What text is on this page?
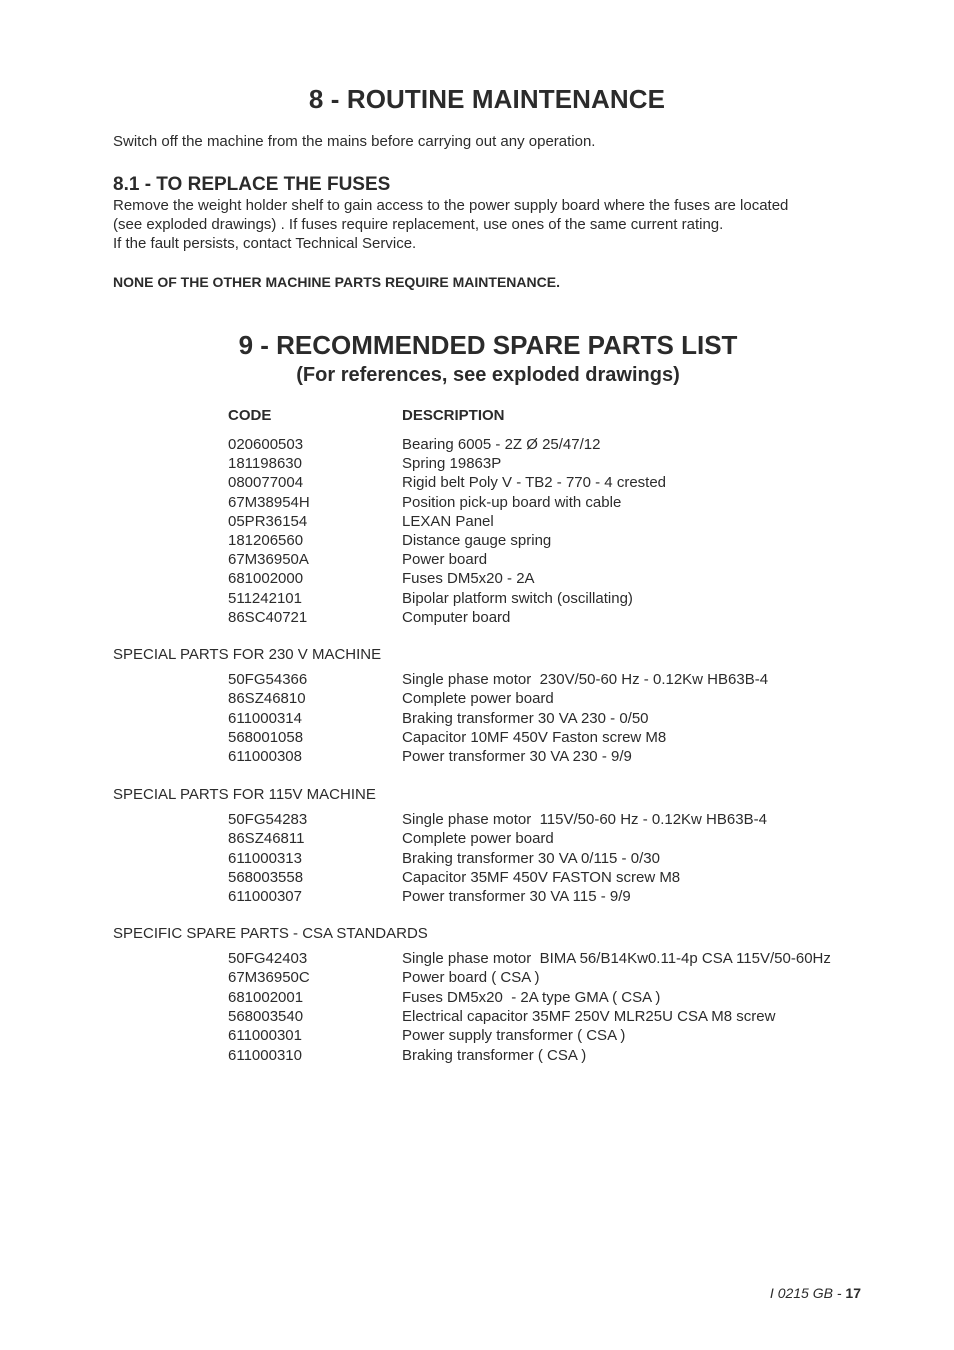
8 - ROUTINE MAINTENANCE
Switch off the machine from the mains before carrying out any operation.
8.1 - TO REPLACE THE FUSES
Remove the weight holder shelf to gain access to the power supply board where the fuses are located
(see exploded drawings) . If fuses require replacement, use ones of the same current rating.
If the fault persists, contact Technical Service.
NONE OF THE OTHER MACHINE PARTS REQUIRE MAINTENANCE.
9 - RECOMMENDED SPARE PARTS LIST
(For references, see exploded drawings)
CODE	DESCRIPTION
020600503	Bearing 6005 - 2Z Ø 25/47/12
181198630	Spring 19863P
080077004	Rigid belt Poly V - TB2 - 770 - 4 crested
67M38954H	Position pick-up board with cable
05PR36154	LEXAN Panel
181206560	Distance gauge spring
67M36950A	Power board
681002000	Fuses DM5x20 - 2A
511242101	Bipolar platform switch (oscillating)
86SC40721	Computer board
SPECIAL PARTS FOR 230 V MACHINE
50FG54366	Single phase motor  230V/50-60 Hz - 0.12Kw HB63B-4
86SZ46810	Complete power board
611000314	Braking transformer 30 VA 230 - 0/50
568001058	Capacitor 10MF 450V Faston screw M8
611000308	Power transformer 30 VA 230 - 9/9
SPECIAL PARTS FOR 115V MACHINE
50FG54283	Single phase motor  115V/50-60 Hz - 0.12Kw HB63B-4
86SZ46811	Complete power board
611000313	Braking transformer 30 VA 0/115 - 0/30
568003558	Capacitor 35MF 450V FASTON screw M8
611000307	Power transformer 30 VA 115 - 9/9
SPECIFIC SPARE PARTS - CSA STANDARDS
50FG42403	Single phase motor  BIMA 56/B14Kw0.11-4p CSA 115V/50-60Hz
67M36950C	Power board ( CSA )
681002001	Fuses DM5x20  - 2A type GMA ( CSA )
568003540	Electrical capacitor 35MF 250V MLR25U CSA M8 screw
611000301	Power supply transformer ( CSA )
611000310	Braking transformer ( CSA )
I 0215 GB - 17
